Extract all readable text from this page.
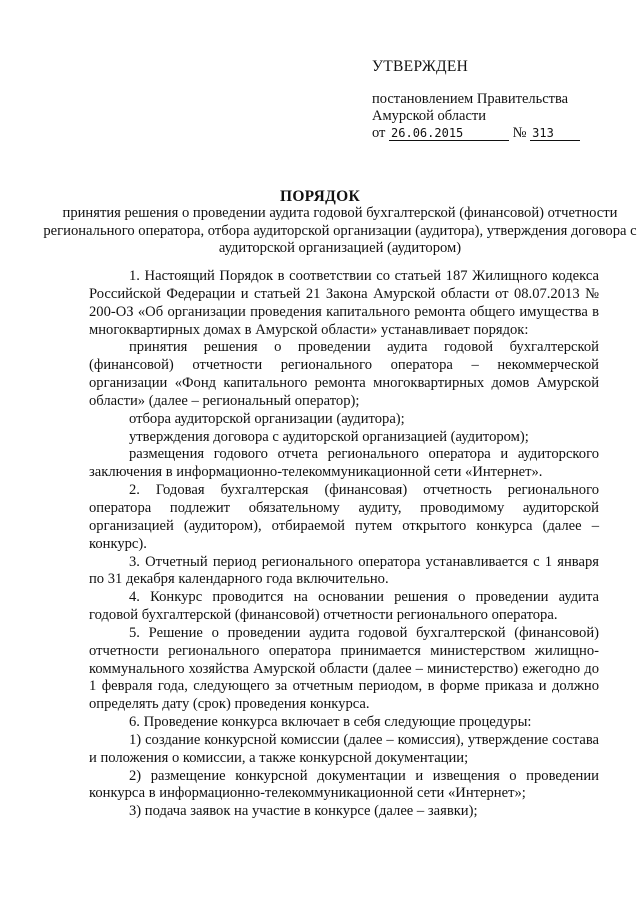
УТВЕРЖДЕН

постановлением Правительства

Амурской области

от 26.06.2015	№ 313

ПОРЯДОК

принятия решения о проведении аудита годовой бухгалтерской (финансовой) отчетности регионального оператора, отбора аудиторской организации (аудитора), утверждения договора с аудиторской организацией (аудитором)

1. Настоящий Порядок в соответствии со статьей 187 Жилищного кодекса Российской Федерации и статьей 21 Закона Амурской области от 08.07.2013 № 200-ОЗ «Об организации проведения капитального ремонта общего имущества в многоквартирных домах в Амурской области» устанавливает порядок:

принятия решения о проведении аудита годовой бухгалтерской (финансовой) отчетности регионального оператора – некоммерческой организации «Фонд капитального ремонта многоквартирных домов Амурской области» (далее – региональный оператор);

отбора аудиторской организации (аудитора);

утверждения договора с аудиторской организацией (аудитором);

размещения годового отчета регионального оператора и аудиторского заключения в информационно-телекоммуникационной сети «Интернет».

2. Годовая бухгалтерская (финансовая) отчетность регионального оператора подлежит обязательному аудиту, проводимому аудиторской организацией (аудитором), отбираемой путем открытого конкурса (далее – конкурс).

3. Отчетный период регионального оператора устанавливается с 1 января по 31 декабря календарного года включительно.

4. Конкурс проводится на основании решения о проведении аудита годовой бухгалтерской (финансовой) отчетности регионального оператора.

5. Решение о проведении аудита годовой бухгалтерской (финансовой) отчетности регионального оператора принимается министерством жилищно-коммунального хозяйства Амурской области (далее – министерство) ежегодно до 1 февраля года, следующего за отчетным периодом, в форме приказа и должно определять дату (срок) проведения конкурса.

6. Проведение конкурса включает в себя следующие процедуры:

1) создание конкурсной комиссии (далее – комиссия), утверждение состава и положения о комиссии, а также конкурсной документации;

2) размещение конкурсной документации и извещения о проведении конкурса в информационно-телекоммуникационной сети «Интернет»;

3) подача заявок на участие в конкурсе (далее – заявки);
